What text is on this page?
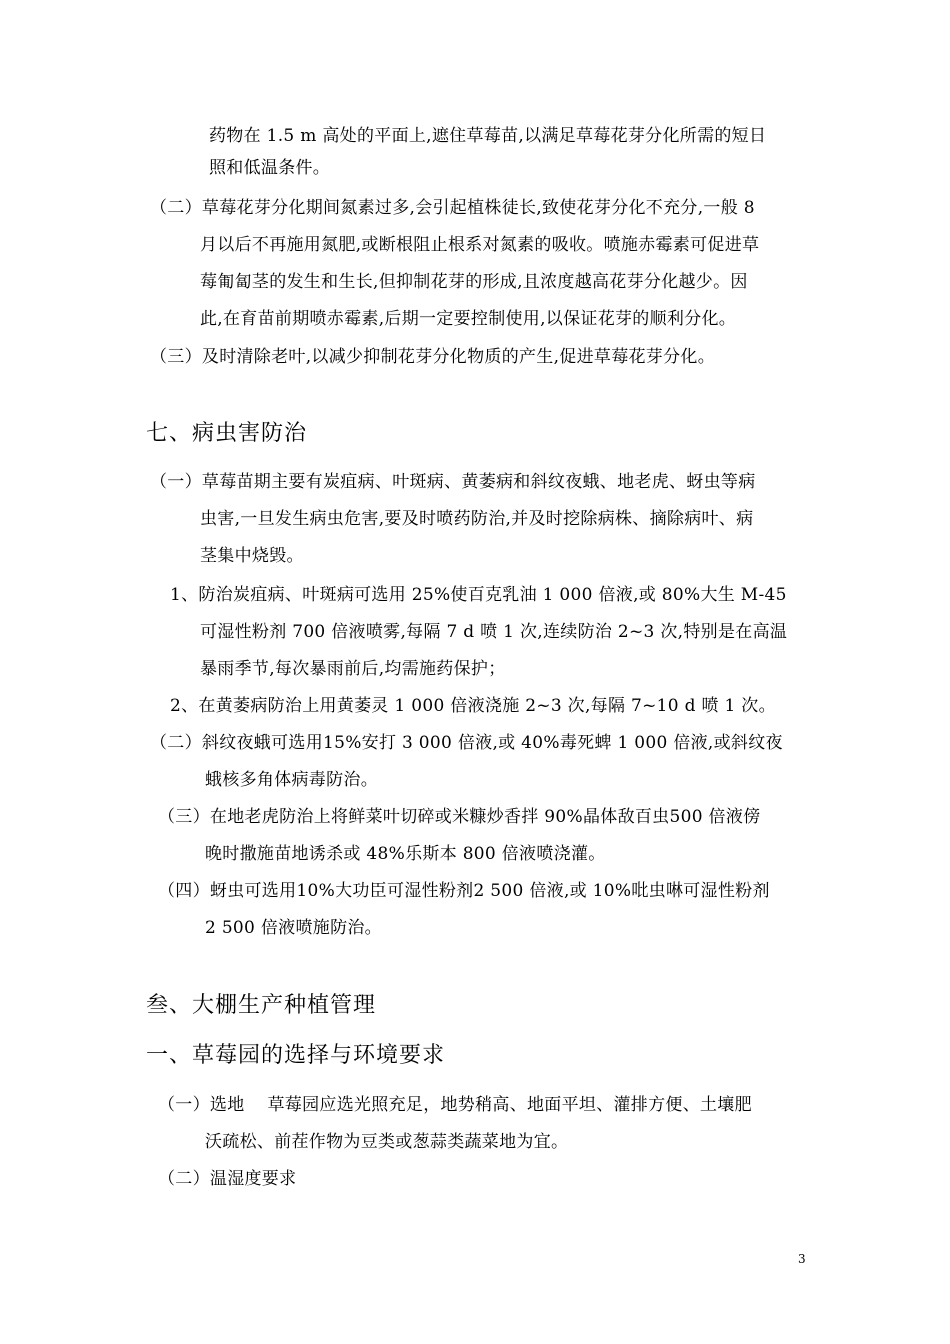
药物在 1.5 m 高处的平面上,遮住草莓苗,以满足草莓花芽分化所需的短日
照和低温条件。
（二）草莓花芽分化期间氮素过多,会引起植株徒长,致使花芽分化不充分,一般 8
月以后不再施用氮肥,或断根阻止根系对氮素的吸收。喷施赤霉素可促进草
莓匍匐茎的发生和生长,但抑制花芽的形成,且浓度越高花芽分化越少。因
此,在育苗前期喷赤霉素,后期一定要控制使用,以保证花芽的顺利分化。
（三）及时清除老叶,以减少抑制花芽分化物质的产生,促进草莓花芽分化。
七、病虫害防治
（一）草莓苗期主要有炭疽病、叶斑病、黄萎病和斜纹夜蛾、地老虎、蚜虫等病
虫害,一旦发生病虫危害,要及时喷药防治,并及时挖除病株、摘除病叶、病
茎集中烧毁。
1、防治炭疽病、叶斑病可选用 25%使百克乳油 1 000 倍液,或 80%大生 M-45
可湿性粉剂 700 倍液喷雾,每隔 7 d 喷 1 次,连续防治 2~3 次,特别是在高温
暴雨季节,每次暴雨前后,均需施药保护；
2、在黄萎病防治上用黄萎灵 1 000 倍液浇施 2~3 次,每隔 7~10 d 喷 1 次。
（二）斜纹夜蛾可选用15%安打 3 000 倍液,或 40%毒死蜱 1 000 倍液,或斜纹夜
蛾核多角体病毒防治。
（三）在地老虎防治上将鲜菜叶切碎或米糠炒香拌 90%晶体敌百虫500 倍液傍
晚时撒施苗地诱杀或 48%乐斯本 800 倍液喷浇灌。
（四）蚜虫可选用10%大功臣可湿性粉剂2 500 倍液,或 10%吡虫啉可湿性粉剂
2 500 倍液喷施防治。
叁、大棚生产种植管理
一、草莓园的选择与环境要求
（一）选地　 草莓园应选光照充足，地势稍高、地面平坦、灌排方便、土壤肥
沃疏松、前茬作物为豆类或葱蒜类蔬菜地为宜。
（二）温湿度要求
3
